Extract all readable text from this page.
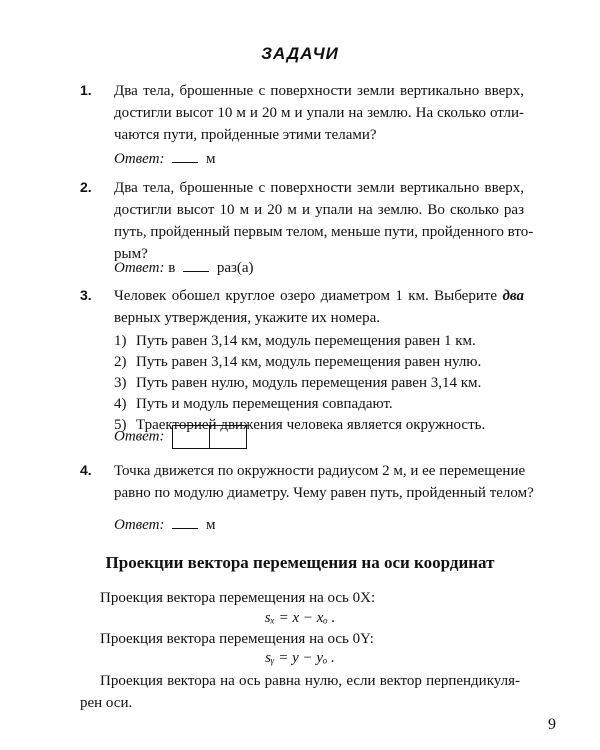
ЗАДАЧИ
1. Два тела, брошенные с поверхности земли вертикально вверх,
достигли высот 10 м и 20 м и упали на землю. На сколько отли-
чаются пути, пройденные этими телами?
Ответ:	м
2. Два тела, брошенные с поверхности земли вертикально вверх,
достигли высот 10 м и 20 м и упали на землю. Во сколько раз
путь, пройденный первым телом, меньше пути, пройденного вто-
рым?
Ответ: в	раз(а)
3. Человек обошел круглое озеро диаметром 1 км. Выберите два
верных утверждения, укажите их номера.
1) Путь равен 3,14 км, модуль перемещения равен 1 км.
2) Путь равен 3,14 км, модуль перемещения равен нулю.
3) Путь равен нулю, модуль перемещения равен 3,14 км.
4) Путь и модуль перемещения совпадают.
5) Траекторией движения человека является окружность.
Ответ:
4. Точка движется по окружности радиусом 2 м, и ее перемещение
равно по модулю диаметру. Чему равен путь, пройденный телом?
Ответ:	м
Проекции вектора перемещения на оси координат
Проекция вектора перемещения на ось 0X:
sₓ = x − xₒ .
Проекция вектора перемещения на ось 0Y:
sᵧ = y − yₒ .
Проекция вектора на ось равна нулю, если вектор перпендикуля-
рен оси.
9
